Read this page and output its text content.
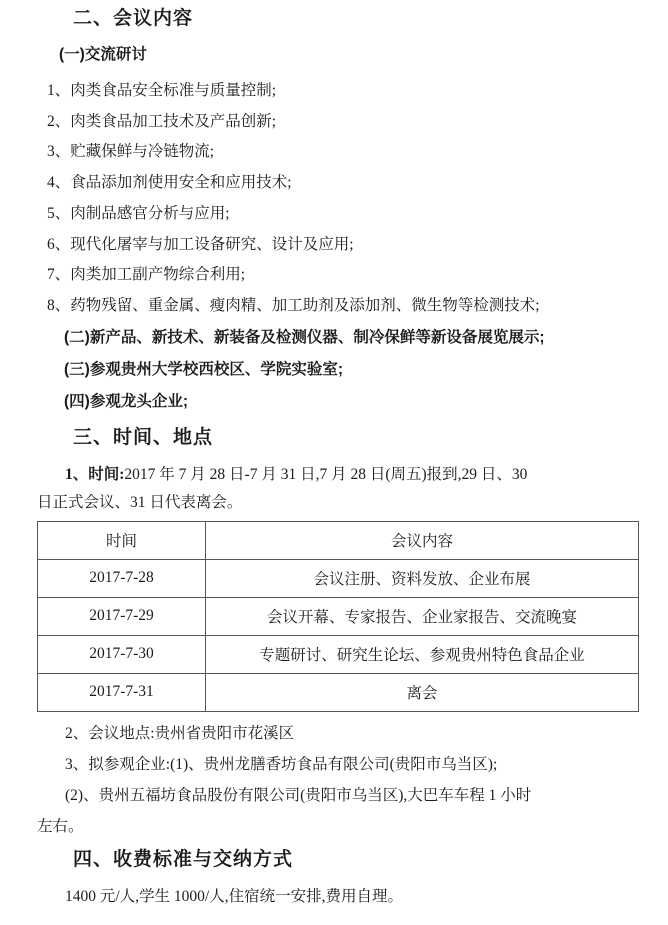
二、会议内容
(一)交流研讨
1、肉类食品安全标准与质量控制;
2、肉类食品加工技术及产品创新;
3、贮藏保鲜与冷链物流;
4、食品添加剂使用安全和应用技术;
5、肉制品感官分析与应用;
6、现代化屠宰与加工设备研究、设计及应用;
7、肉类加工副产物综合利用;
8、药物残留、重金属、瘦肉精、加工助剂及添加剂、微生物等检测技术;
(二)新产品、新技术、新装备及检测仪器、制冷保鲜等新设备展览展示;
(三)参观贵州大学校西校区、学院实验室;
(四)参观龙头企业;
三、时间、地点
1、时间:2017 年 7 月 28 日-7 月 31 日,7 月 28 日(周五)报到,29 日、30
日正式会议、31 日代表离会。
时间	会议内容
2017-7-28	会议注册、资料发放、企业布展
2017-7-29	会议开幕、专家报告、企业家报告、交流晚宴
2017-7-30	专题研讨、研究生论坛、参观贵州特色食品企业
2017-7-31	离会
2、会议地点:贵州省贵阳市花溪区
3、拟参观企业:(1)、贵州龙膳香坊食品有限公司(贵阳市乌当区);
(2)、贵州五福坊食品股份有限公司(贵阳市乌当区),大巴车车程 1 小时
左右。
四、收费标准与交纳方式
1400 元/人,学生 1000/人,住宿统一安排,费用自理。
